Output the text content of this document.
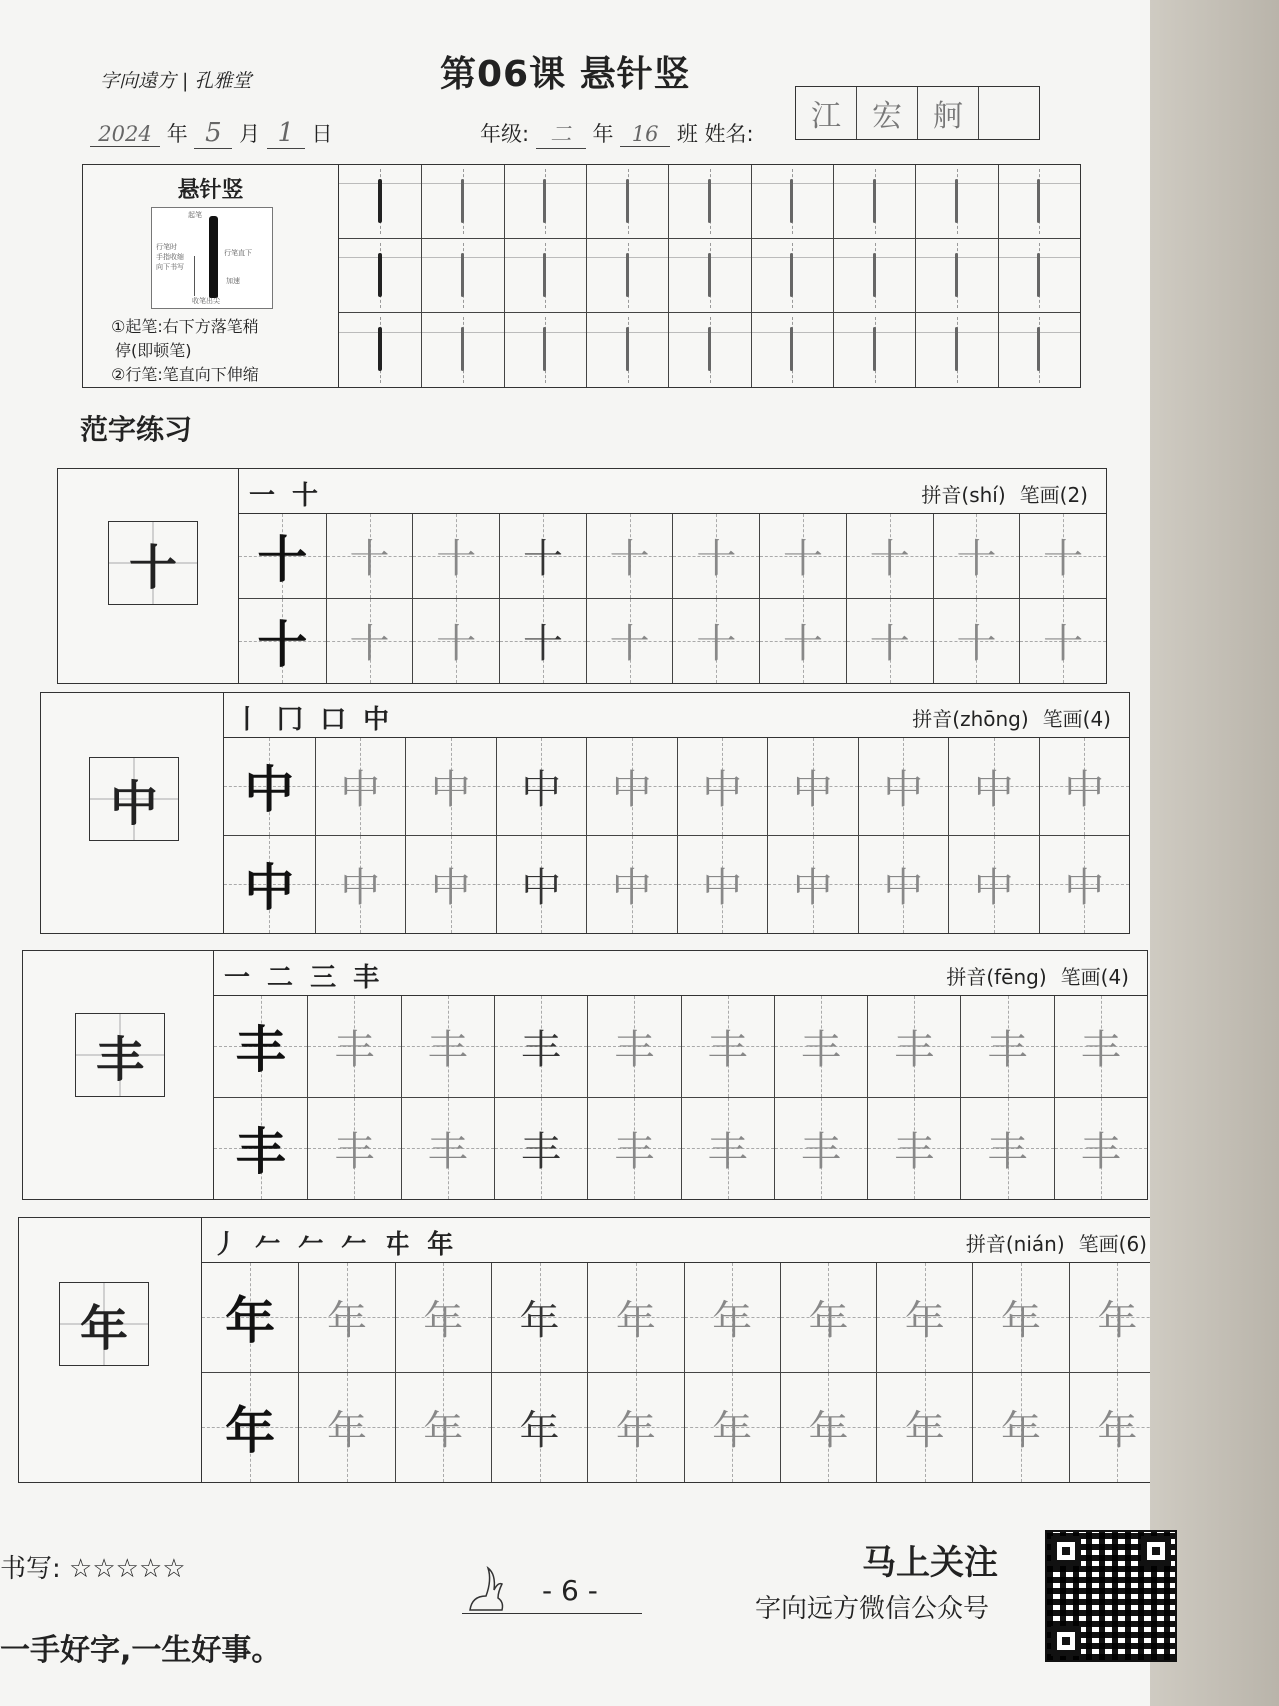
字向遠方 | 孔雅堂	第06课 悬针竖
2024 年 5 月 1 日	年级: 二 年 16 班 姓名:	江	宏	舸
悬针竖
起笔
行笔时
手指收缩
向下书写
行笔直下
加速
收笔出尖
①起笔:右下方落笔稍
停(即顿笔)
②行笔:笔直向下伸缩
范字练习
十
一 十	拼音(shí) 笔画(2)
十 十 十 十 十 十 十 十 十 十
十 十 十 十 十 十 十 十 十 十
中
丨 冂 口 中	拼音(zhōng) 笔画(4)
中 中 中 中 中 中 中 中 中 中
中 中 中 中 中 中 中 中 中 中
丰
一 二 三 丰	拼音(fēng) 笔画(4)
丰 丰 丰 丰 丰 丰 丰 丰 丰 丰
丰 丰 丰 丰 丰 丰 丰 丰 丰 丰
年
丿 𠂉 𠂉 𠂉 㐄 年	拼音(nián) 笔画(6)
年 年 年 年 年 年 年 年 年 年
年 年 年 年 年 年 年 年 年 年
书写: ☆☆☆☆☆
一手好字,一生好事。
- 6 -
马上关注
字向远方微信公众号
